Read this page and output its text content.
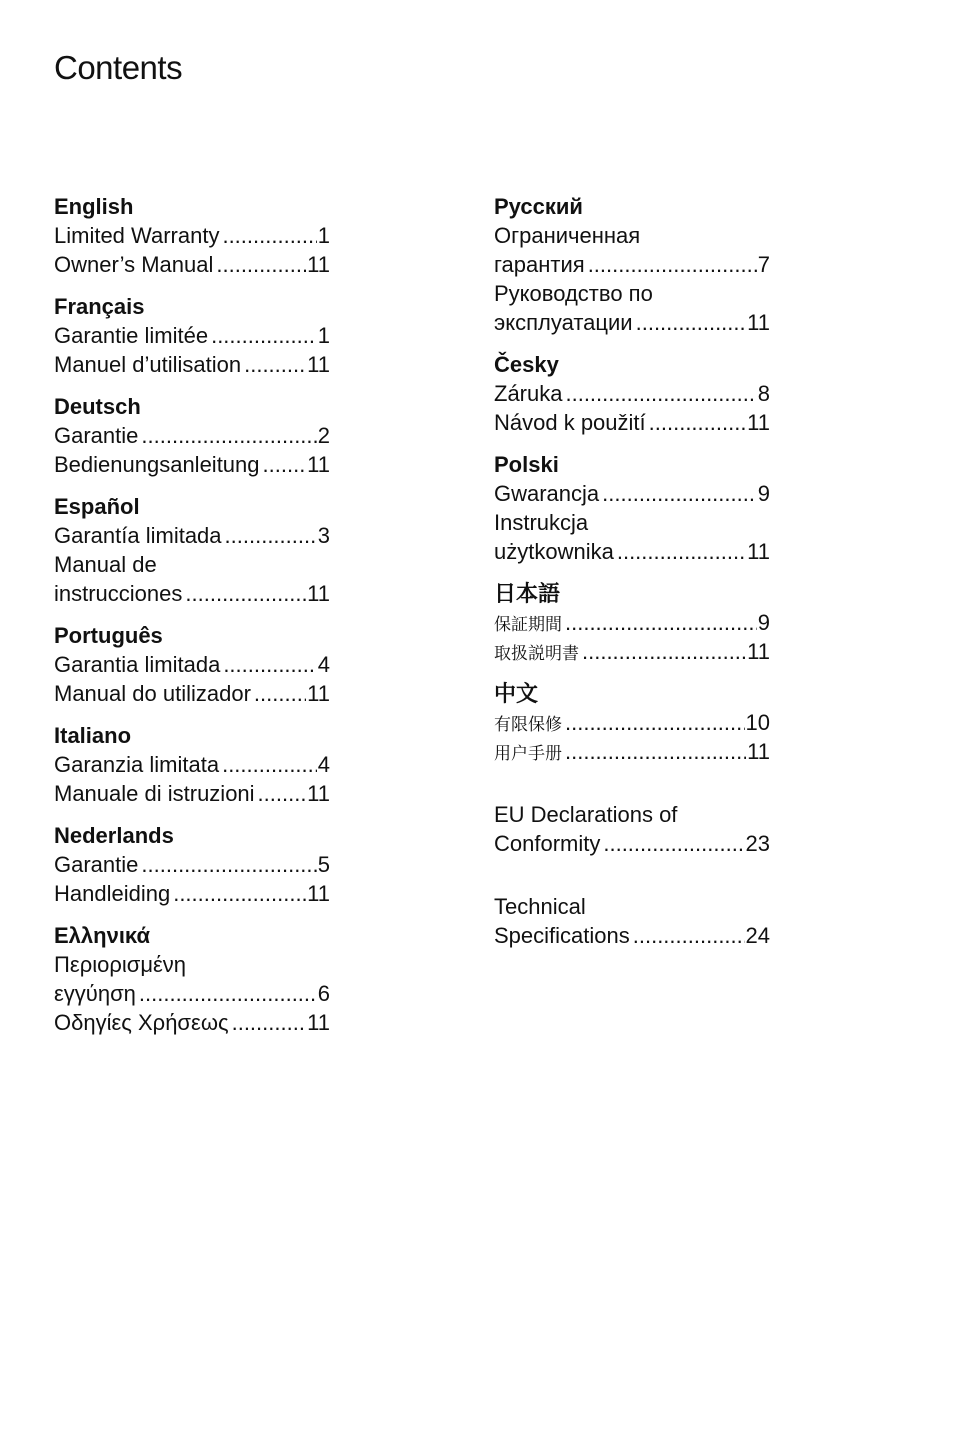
Contents
English
Limited Warranty .....	1
Owner’s Manual .....	11
Français
Garantie limitée .....	1
Manuel d’utilisation .....	11
Deutsch
Garantie .....	2
Bedienungsanleitung ..... 11
Español
Garantía limitada .....	3
Manual de
instrucciones .....	11
Português
Garantia limitada .....	4
Manual do utilizador .....	11
Italiano
Garanzia limitata .....	4
Manuale di istruzioni ..... 11
Nederlands
Garantie .....	5
Handleiding .....	11
Ελληνικά
Περιορισμένη
εγγύηση .....	6
Οδηγίες Χρήσεως .....	11
Русский
Ограниченная
гарантия .....	7
Руководство по
эксплуатации .....	11
Česky
Záruka .....	8
Návod k použití .....	11
Polski
Gwarancja .....	9
Instrukcja
użytkownika .....	11
日本語
保証期間 .....	9
取扱説明書 .....	11
中文
有限保修 .....	10
用户手册 .....	11
EU Declarations of
Conformity .....	23
Technical
Specifications .....	24
